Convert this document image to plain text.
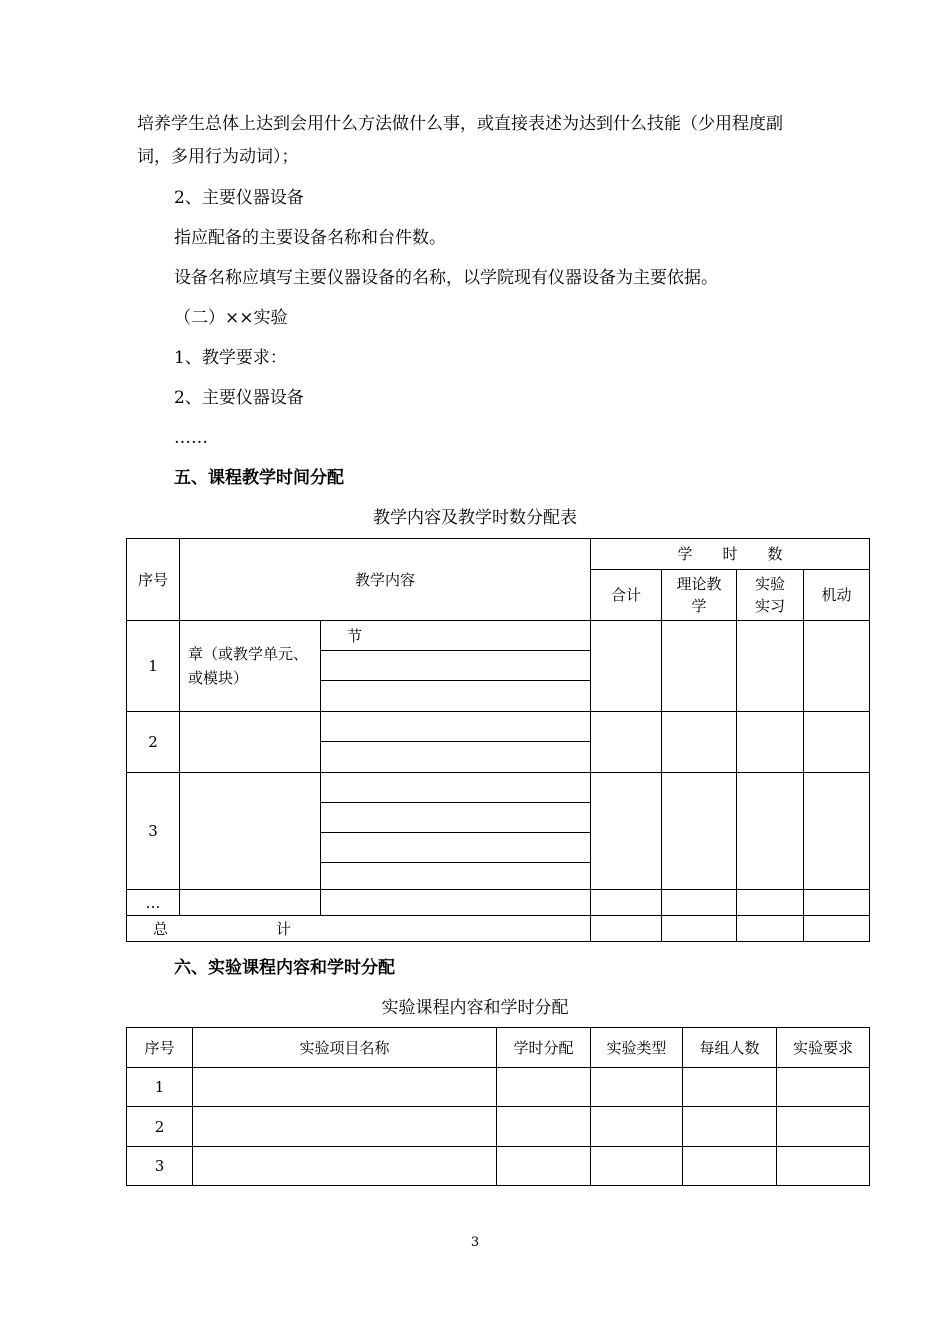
培养学生总体上达到会用什么方法做什么事，或直接表述为达到什么技能（少用程度副
词，多用行为动词）；
2、主要仪器设备
指应配备的主要设备名称和台件数。
设备名称应填写主要仪器设备的名称，以学院现有仪器设备为主要依据。
（二）××实验
1、教学要求：
2、主要仪器设备
……
五、课程教学时间分配
教学内容及教学时数分配表
序号	教学内容		学　　时　　数			
			合计	理论教学	实验实习	机动
1	章（或教学单元、或模块）	节				

2						

3						

…						
总 计						
六、实验课程内容和学时分配
实验课程内容和学时分配
序号	实验项目名称	学时分配	实验类型	每组人数	实验要求
1					
2					
3					
3
